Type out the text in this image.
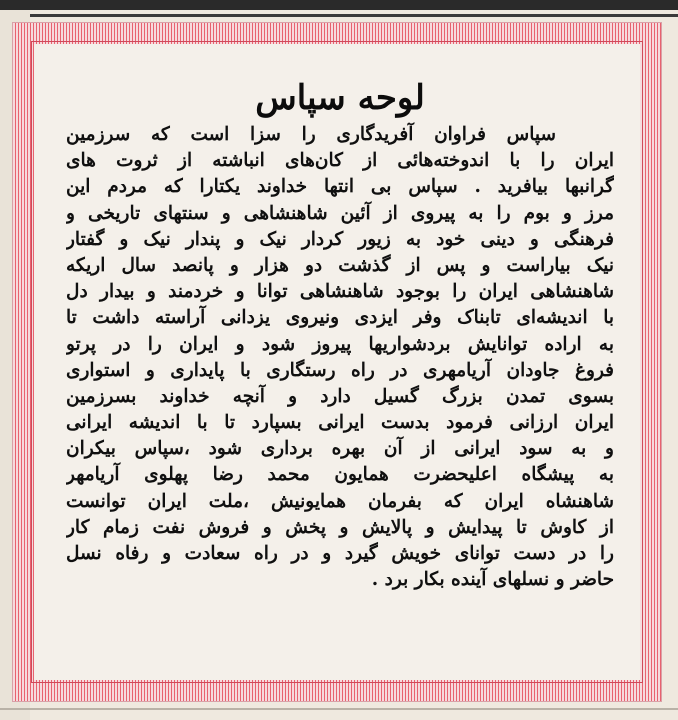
لوحه سپاس
سپاس فراوان آفریدگاری را سزا است که سرزمین
ایران را با اندوخته‌هائی از کان‌های انباشته از ثروت های
گرانبها بیافرید . سپاس بی انتها خداوند یکتارا که مردم این
مرز و بوم را به پیروی از آئین شاهنشاهی و سنتهای تاریخی و
فرهنگی و دینی خود به زیور کردار نیک و پندار نیک و گفتار
نیک بیاراست و پس از گذشت دو هزار و پانصد سال اریکه
شاهنشاهی ایران را بوجود شاهنشاهی توانا و خردمند و بیدار دل
با اندیشه‌ای تابناک وفر ایزدی ونیروی یزدانی آراسته داشت تا
به اراده توانایش بردشواریها پیروز شود و ایران را در پرتو
فروغ جاودان آریامهری در راه رستگاری با پایداری و استواری
بسوی تمدن بزرگ گسیل دارد و آنچه خداوند بسرزمین
ایران ارزانی فرمود بدست ایرانی بسپارد تا با اندیشه ایرانی
و به سود ایرانی از آن بهره برداری شود ،سپاس بیکران
به پیشگاه اعلیحضرت همایون محمد رضا پهلوی آریامهر
شاهنشاه ایران که بفرمان همایونیش ،ملت ایران توانست
از کاوش تا پیدایش و پالایش و پخش و فروش نفت زمام کار
را در دست توانای خویش گیرد و در راه سعادت و رفاه نسل
حاضر و نسلهای آینده بکار برد .
